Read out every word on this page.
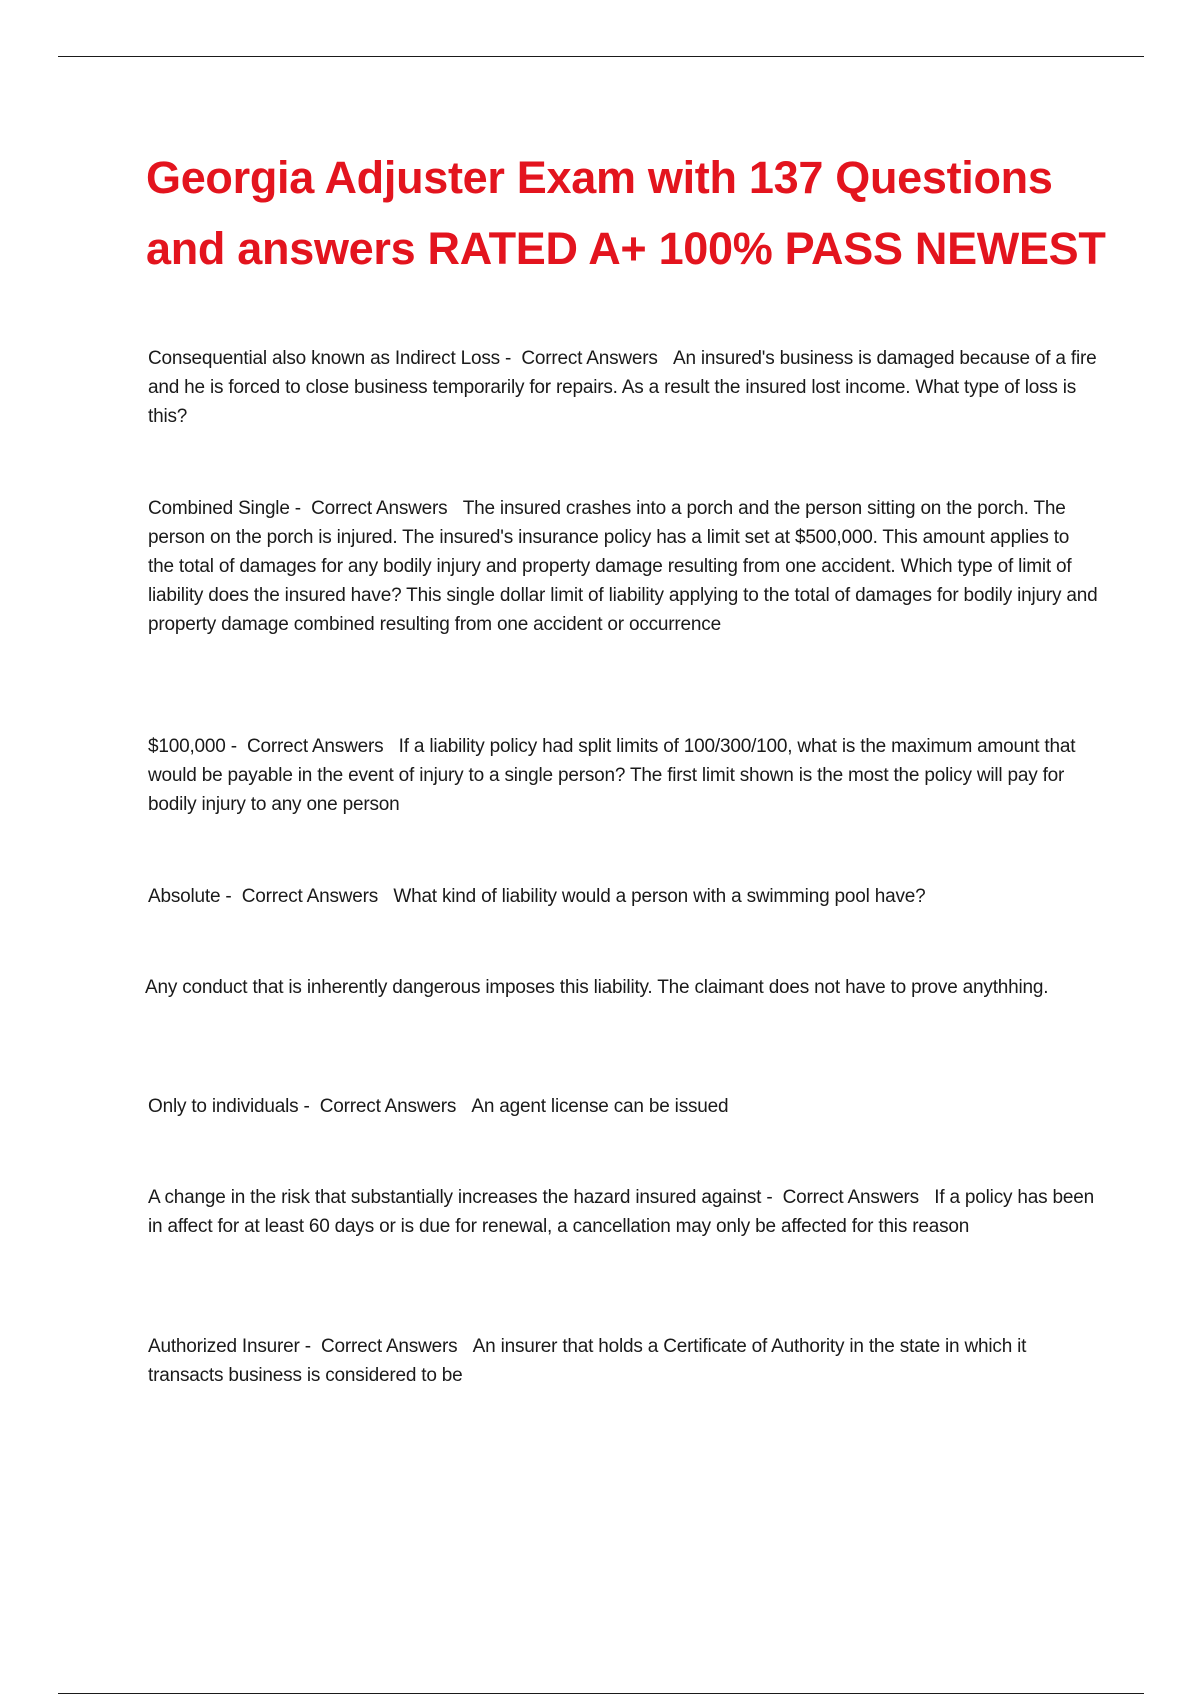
Georgia Adjuster Exam with 137 Questions
and answers RATED A+ 100% PASS NEWEST
Consequential also known as Indirect Loss -  Correct Answers An insured's business is damaged because of a fire and he is forced to close business temporarily for repairs. As a result the insured lost income. What type of loss is this?
Combined Single -  Correct Answers The insured crashes into a porch and the person sitting on the porch. The person on the porch is injured. The insured's insurance policy has a limit set at $500,000. This amount applies to the total of damages for any bodily injury and property damage resulting from one accident. Which type of limit of liability does the insured have? This single dollar limit of liability applying to the total of damages for bodily injury and property damage combined resulting from one accident or occurrence
$100,000 -  Correct Answers If a liability policy had split limits of 100/300/100, what is the maximum amount that would be payable in the event of injury to a single person? The first limit shown is the most the policy will pay for bodily injury to any one person
Absolute -  Correct Answers What kind of liability would a person with a swimming pool have?
Any conduct that is inherently dangerous imposes this liability. The claimant does not have to prove anythhing.
Only to individuals -  Correct Answers An agent license can be issued
A change in the risk that substantially increases the hazard insured against -  Correct Answers If a policy has been in affect for at least 60 days or is due for renewal, a cancellation may only be affected for this reason
Authorized Insurer -  Correct Answers An insurer that holds a Certificate of Authority in the state in which it transacts business is considered to be
